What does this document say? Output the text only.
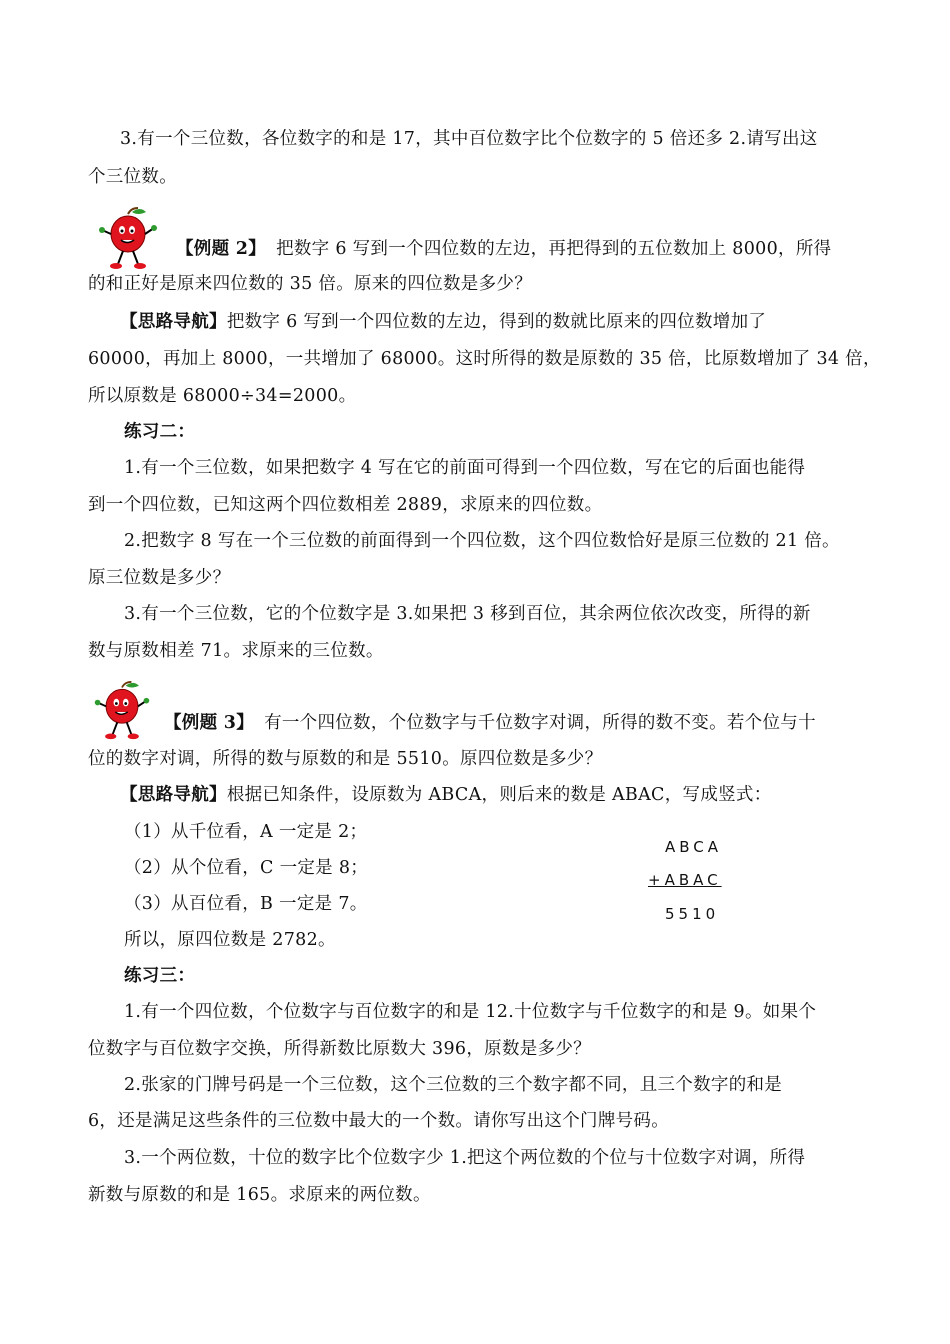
3.有一个三位数，各位数字的和是 17，其中百位数字比个位数字的 5 倍还多 2.请写出这
个三位数。
【例题 2】 把数字 6 写到一个四位数的左边，再把得到的五位数加上 8000，所得
的和正好是原来四位数的 35 倍。原来的四位数是多少？
【思路导航】把数字 6 写到一个四位数的左边，得到的数就比原来的四位数增加了
60000，再加上 8000，一共增加了 68000。这时所得的数是原数的 35 倍，比原数增加了 34 倍，
所以原数是 68000÷34=2000。
练习二：
1.有一个三位数，如果把数字 4 写在它的前面可得到一个四位数，写在它的后面也能得
到一个四位数，已知这两个四位数相差 2889，求原来的四位数。
2.把数字 8 写在一个三位数的前面得到一个四位数，这个四位数恰好是原三位数的 21 倍。
原三位数是多少？
3.有一个三位数，它的个位数字是 3.如果把 3 移到百位，其余两位依次改变，所得的新
数与原数相差 71。求原来的三位数。
【例题 3】 有一个四位数，个位数字与千位数字对调，所得的数不变。若个位与十
位的数字对调，所得的数与原数的和是 5510。原四位数是多少？
【思路导航】根据已知条件，设原数为 ABCA，则后来的数是 ABAC，写成竖式：
（1）从千位看，A 一定是 2；
（2）从个位看，C 一定是 8；
（3）从百位看，B 一定是 7。
所以，原四位数是 2782。
ABCA
+ABAC
5510
练习三：
1.有一个四位数，个位数字与百位数字的和是 12.十位数字与千位数字的和是 9。如果个
位数字与百位数字交换，所得新数比原数大 396，原数是多少？
2.张家的门牌号码是一个三位数，这个三位数的三个数字都不同，且三个数字的和是
6，还是满足这些条件的三位数中最大的一个数。请你写出这个门牌号码。
3.一个两位数，十位的数字比个位数字少 1.把这个两位数的个位与十位数字对调，所得
新数与原数的和是 165。求原来的两位数。
